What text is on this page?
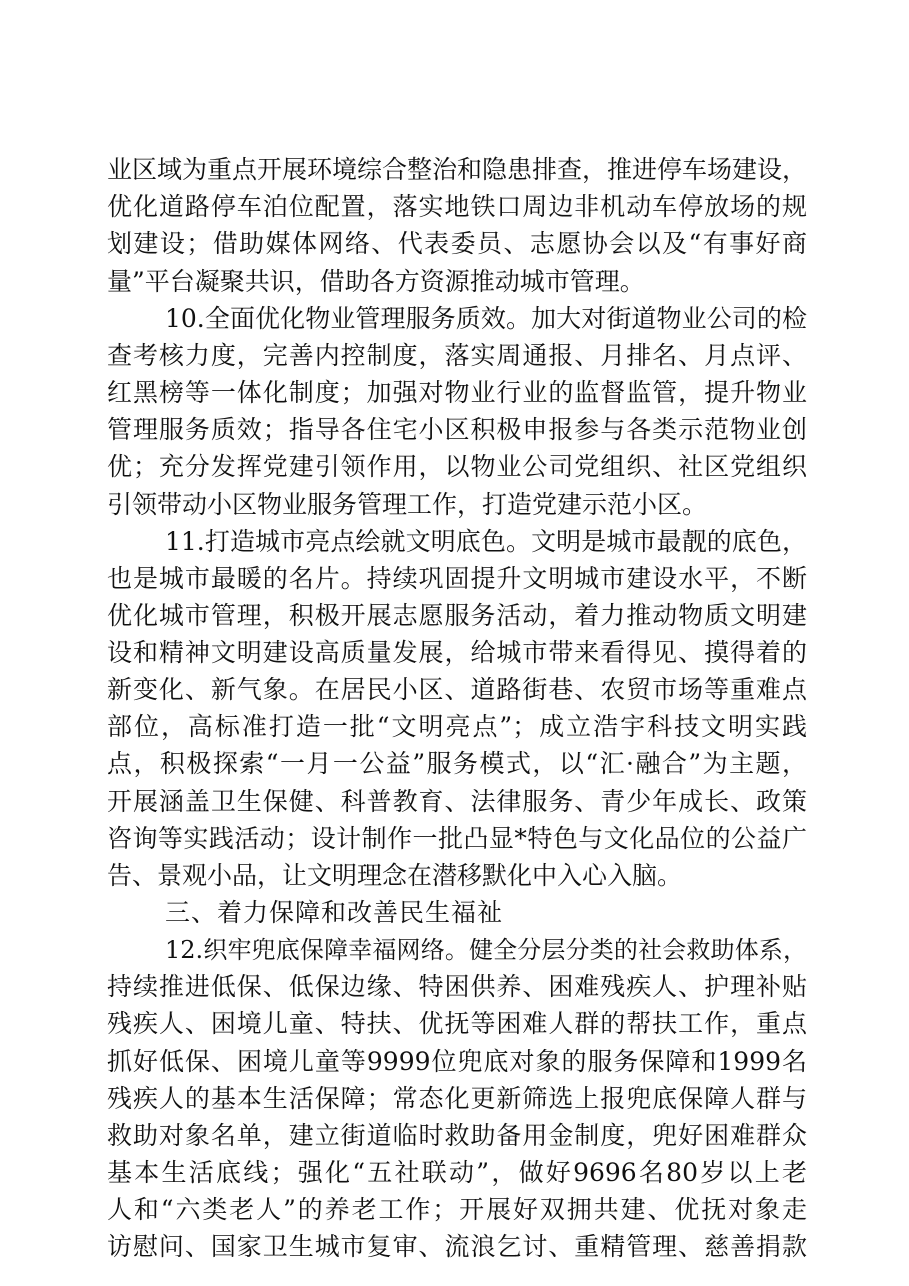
业区域为重点开展环境综合整治和隐患排查，推进停车场建设，
优化道路停车泊位配置，落实地铁口周边非机动车停放场的规
划建设；借助媒体网络、代表委员、志愿协会以及“有事好商
量”平台凝聚共识，借助各方资源推动城市管理。
10.全面优化物业管理服务质效。加大对街道物业公司的检
查考核力度，完善内控制度，落实周通报、月排名、月点评、
红黑榜等一体化制度；加强对物业行业的监督监管，提升物业
管理服务质效；指导各住宅小区积极申报参与各类示范物业创
优；充分发挥党建引领作用，以物业公司党组织、社区党组织
引领带动小区物业服务管理工作，打造党建示范小区。
11.打造城市亮点绘就文明底色。文明是城市最靓的底色，
也是城市最暖的名片。持续巩固提升文明城市建设水平，不断
优化城市管理，积极开展志愿服务活动，着力推动物质文明建
设和精神文明建设高质量发展，给城市带来看得见、摸得着的
新变化、新气象。在居民小区、道路街巷、农贸市场等重难点
部位，高标准打造一批“文明亮点”；成立浩宇科技文明实践
点，积极探索“一月一公益”服务模式，以“汇·融合”为主题，
开展涵盖卫生保健、科普教育、法律服务、青少年成长、政策
咨询等实践活动；设计制作一批凸显*特色与文化品位的公益广
告、景观小品，让文明理念在潜移默化中入心入脑。
三、着力保障和改善民生福祉
12.织牢兜底保障幸福网络。健全分层分类的社会救助体系，
持续推进低保、低保边缘、特困供养、困难残疾人、护理补贴
残疾人、困境儿童、特扶、优抚等困难人群的帮扶工作，重点
抓好低保、困境儿童等9999位兜底对象的服务保障和1999名
残疾人的基本生活保障；常态化更新筛选上报兜底保障人群与
救助对象名单，建立街道临时救助备用金制度，兜好困难群众
基本生活底线；强化“五社联动”，做好9696名80岁以上老
人和“六类老人”的养老工作；开展好双拥共建、优抚对象走
访慰问、国家卫生城市复审、流浪乞讨、重精管理、慈善捐款
